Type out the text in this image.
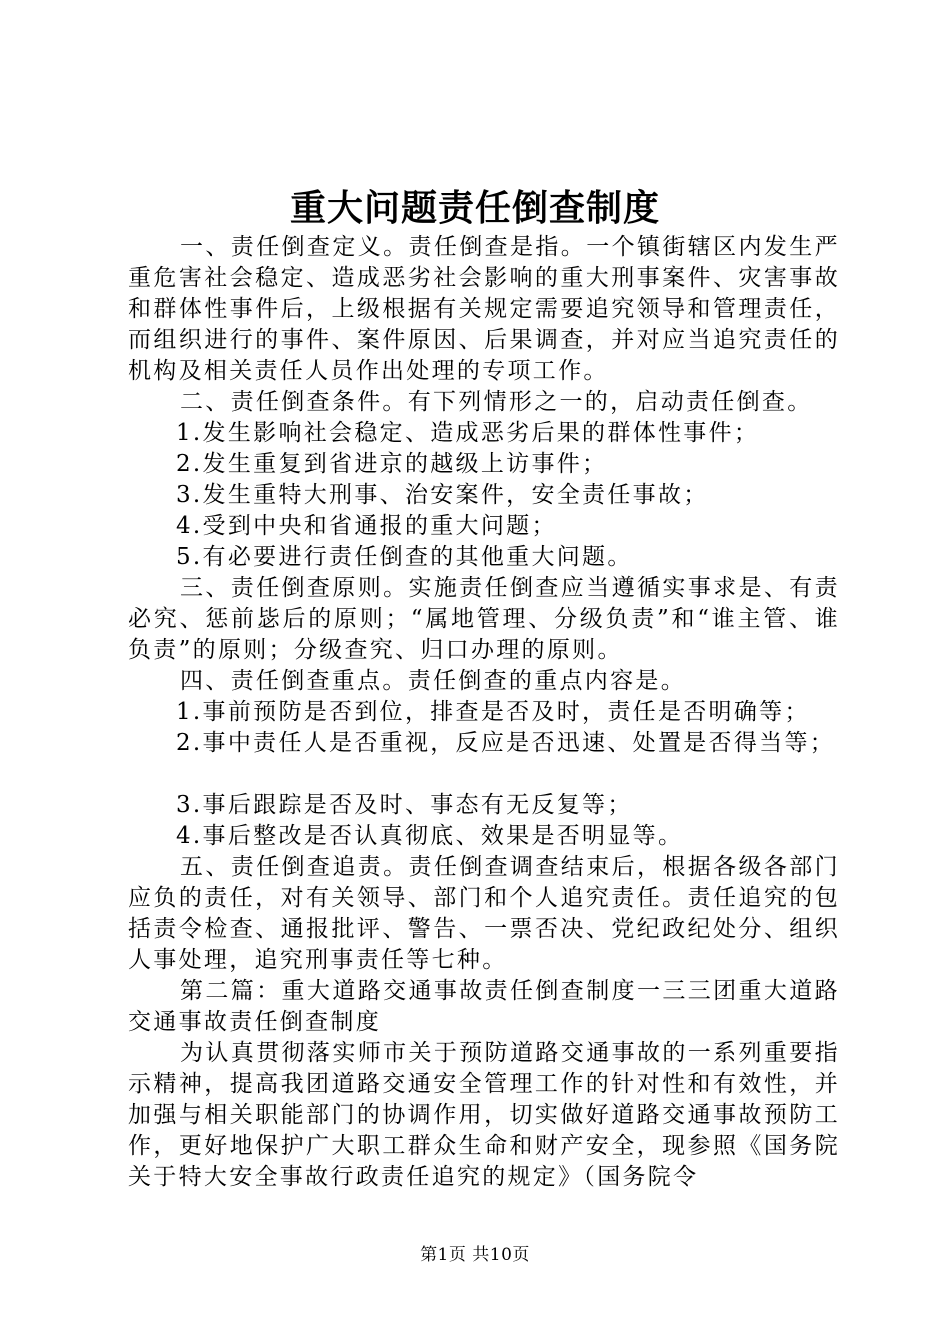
重大问题责任倒查制度

一、责任倒查定义。责任倒查是指。一个镇街辖区内发生严重危害社会稳定、造成恶劣社会影响的重大刑事案件、灾害事故和群体性事件后，上级根据有关规定需要追究领导和管理责任，而组织进行的事件、案件原因、后果调查，并对应当追究责任的机构及相关责任人员作出处理的专项工作。

二、责任倒查条件。有下列情形之一的，启动责任倒查。

1.发生影响社会稳定、造成恶劣后果的群体性事件；

2.发生重复到省进京的越级上访事件；

3.发生重特大刑事、治安案件，安全责任事故；

4.受到中央和省通报的重大问题；

5.有必要进行责任倒查的其他重大问题。

三、责任倒查原则。实施责任倒查应当遵循实事求是、有责必究、惩前毖后的原则；“属地管理、分级负责”和“谁主管、谁负责”的原则；分级查究、归口办理的原则。

四、责任倒查重点。责任倒查的重点内容是。

1.事前预防是否到位，排查是否及时，责任是否明确等；

2.事中责任人是否重视，反应是否迅速、处置是否得当等；

3.事后跟踪是否及时、事态有无反复等；

4.事后整改是否认真彻底、效果是否明显等。

五、责任倒查追责。责任倒查调查结束后，根据各级各部门应负的责任，对有关领导、部门和个人追究责任。责任追究的包括责令检查、通报批评、警告、一票否决、党纪政纪处分、组织人事处理，追究刑事责任等七种。

第二篇：重大道路交通事故责任倒查制度一三三团重大道路交通事故责任倒查制度

为认真贯彻落实师市关于预防道路交通事故的一系列重要指示精神，提高我团道路交通安全管理工作的针对性和有效性，并加强与相关职能部门的协调作用，切实做好道路交通事故预防工作，更好地保护广大职工群众生命和财产安全，现参照《国务院关于特大安全事故行政责任追究的规定》（国务院令

第1页 共10页
